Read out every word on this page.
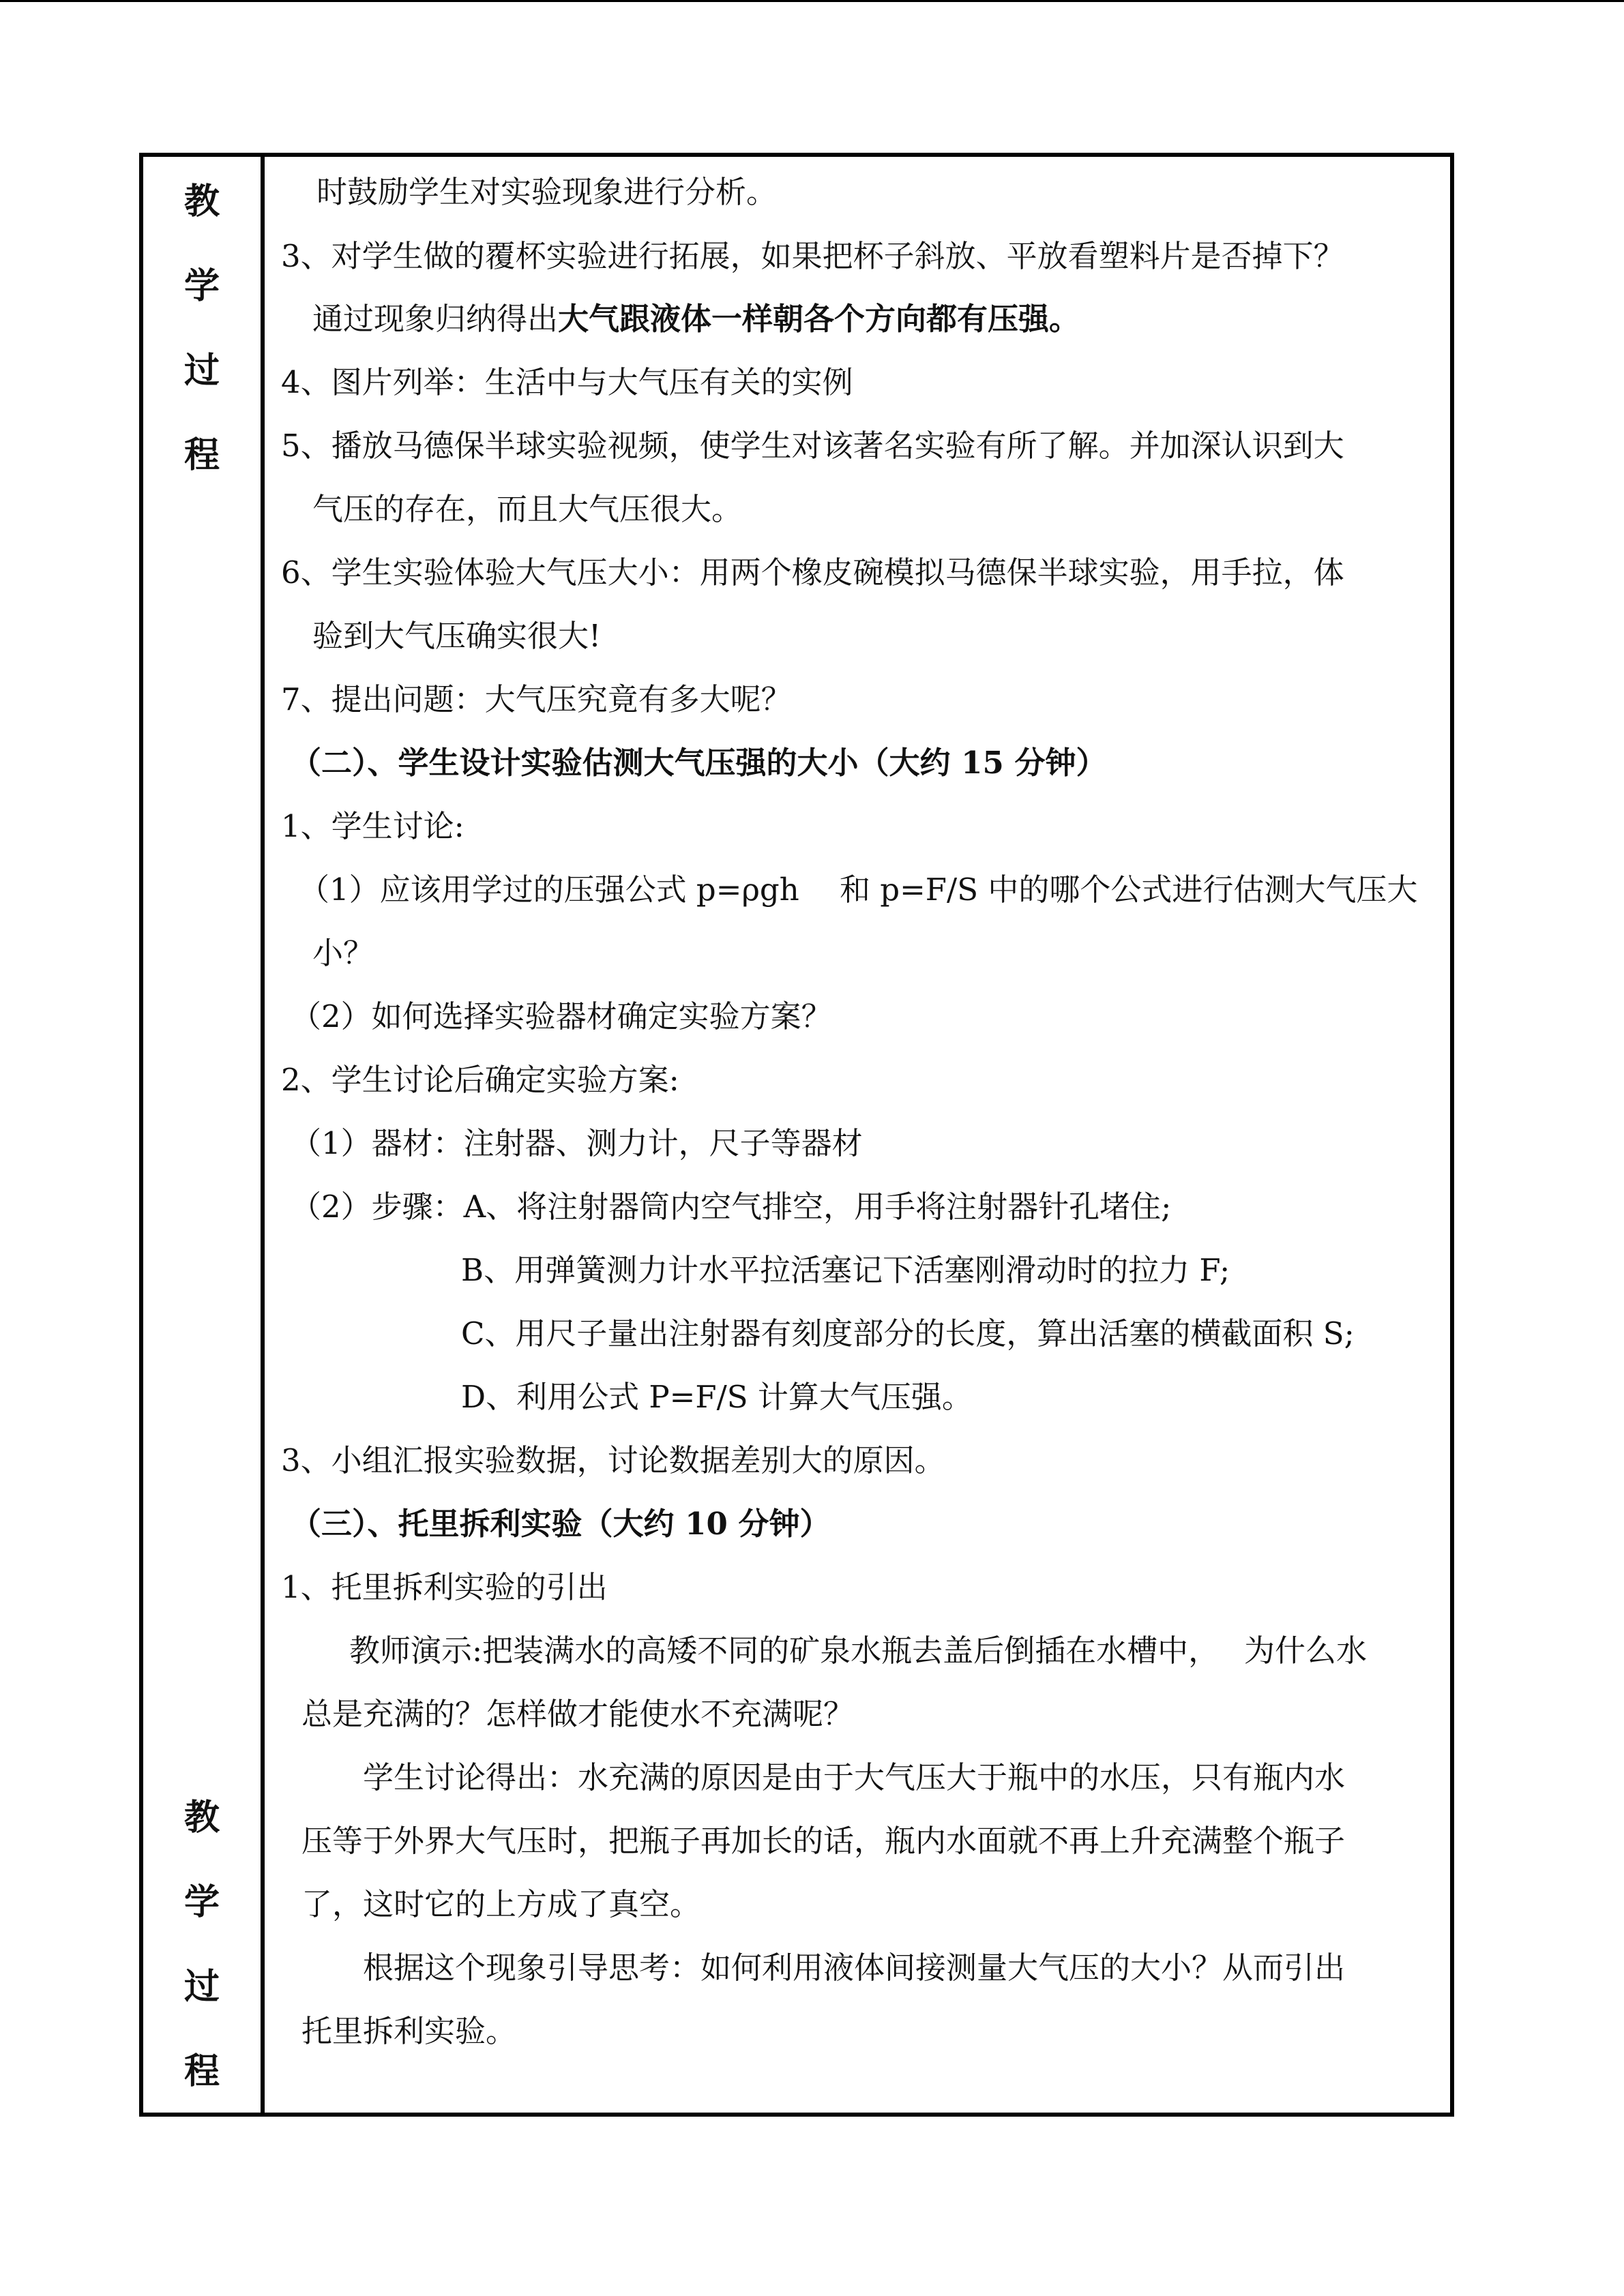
教
学
过
程
教
学
过
程
时鼓励学生对实验现象进行分析。
3、对学生做的覆杯实验进行拓展，如果把杯子斜放、平放看塑料片是否掉下？
通过现象归纳得出大气跟液体一样朝各个方向都有压强。
4、图片列举：生活中与大气压有关的实例
5、播放马德保半球实验视频，使学生对该著名实验有所了解。并加深认识到大
气压的存在，而且大气压很大。
6、学生实验体验大气压大小：用两个橡皮碗模拟马德保半球实验，用手拉，体
验到大气压确实很大!
7、提出问题：大气压究竟有多大呢？
（二）、学生设计实验估测大气压强的大小（大约 15 分钟）
1、学生讨论:
（1）应该用学过的压强公式 p=ρgh　 和 p=F/S 中的哪个公式进行估测大气压大
小？
（2）如何选择实验器材确定实验方案？
2、学生讨论后确定实验方案:
（1）器材：注射器、测力计，尺子等器材
（2）步骤：A、将注射器筒内空气排空，用手将注射器针孔堵住;
B、用弹簧测力计水平拉活塞记下活塞刚滑动时的拉力 F;
C、用尺子量出注射器有刻度部分的长度，算出活塞的横截面积 S;
D、利用公式 P=F/S 计算大气压强。
3、小组汇报实验数据，讨论数据差别大的原因。
（三）、托里拆利实验（大约 10 分钟）
1、托里拆利实验的引出
教师演示:把装满水的高矮不同的矿泉水瓶去盖后倒插在水槽中，　 为什么水
总是充满的？怎样做才能使水不充满呢？
学生讨论得出：水充满的原因是由于大气压大于瓶中的水压，只有瓶内水
压等于外界大气压时，把瓶子再加长的话，瓶内水面就不再上升充满整个瓶子
了，这时它的上方成了真空。
根据这个现象引导思考：如何利用液体间接测量大气压的大小？从而引出
托里拆利实验。
